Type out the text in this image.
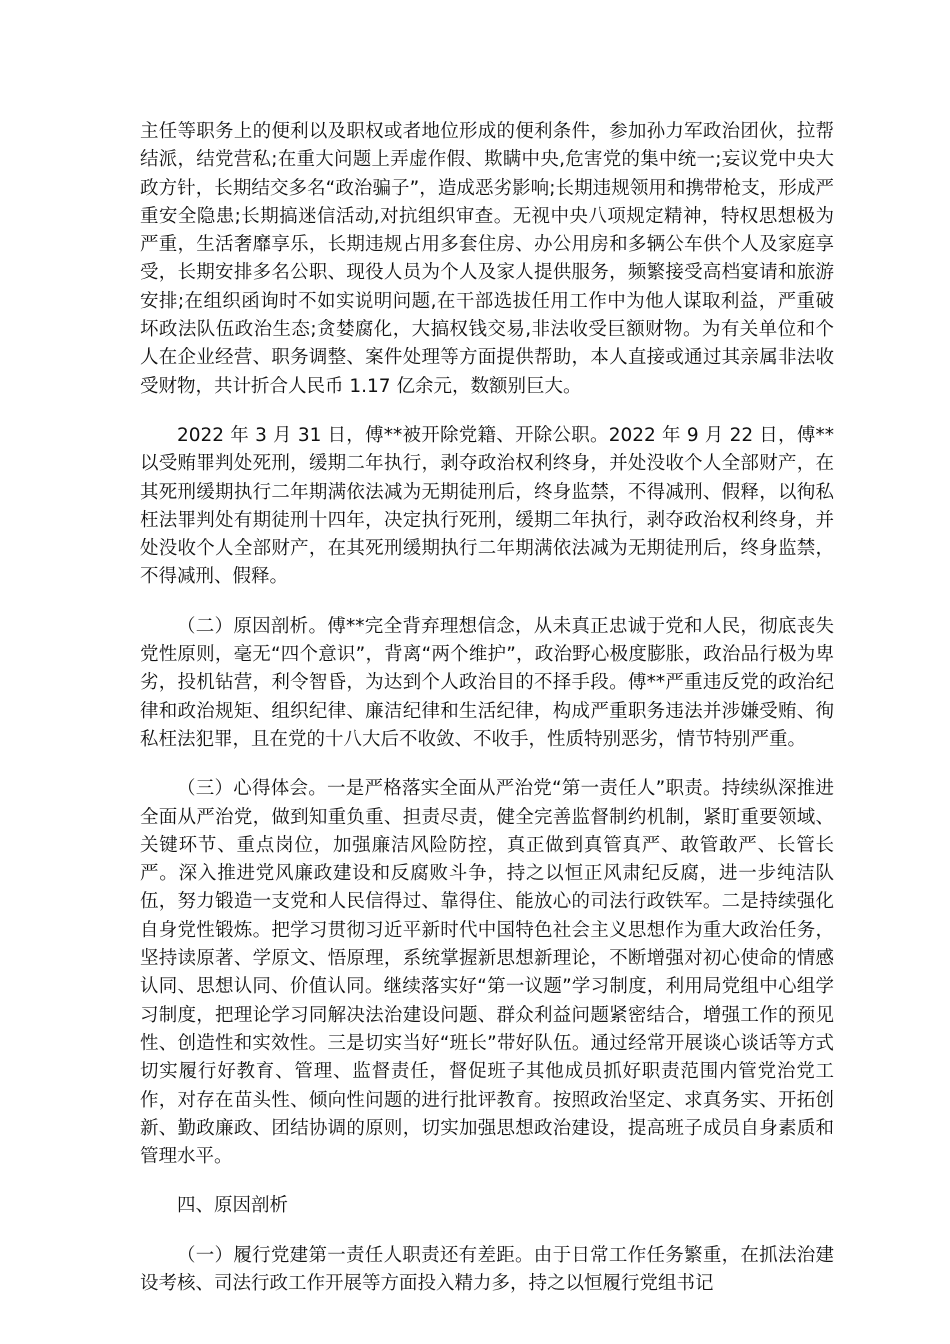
主任等职务上的便利以及职权或者地位形成的便利条件，参加孙力军政治团伙，拉帮结派，结党营私;在重大问题上弄虚作假、欺瞒中央,危害党的集中统一;妄议党中央大政方针，长期结交多名“政治骗子”，造成恶劣影响;长期违规领用和携带枪支，形成严重安全隐患;长期搞迷信活动,对抗组织审查。无视中央八项规定精神，特权思想极为严重，生活奢靡享乐，长期违规占用多套住房、办公用房和多辆公车供个人及家庭享受，长期安排多名公职、现役人员为个人及家人提供服务，频繁接受高档宴请和旅游安排;在组织函询时不如实说明问题,在干部选拔任用工作中为他人谋取利益，严重破坏政法队伍政治生态;贪婪腐化，大搞权钱交易,非法收受巨额财物。为有关单位和个人在企业经营、职务调整、案件处理等方面提供帮助，本人直接或通过其亲属非法收受财物，共计折合人民币 1.17 亿余元，数额别巨大。

2022 年 3 月 31 日，傅**被开除党籍、开除公职。2022 年 9 月 22 日，傅**以受贿罪判处死刑，缓期二年执行，剥夺政治权利终身，并处没收个人全部财产，在其死刑缓期执行二年期满依法减为无期徒刑后，终身监禁，不得减刑、假释，以徇私枉法罪判处有期徒刑十四年，决定执行死刑，缓期二年执行，剥夺政治权利终身，并处没收个人全部财产，在其死刑缓期执行二年期满依法减为无期徒刑后，终身监禁，不得减刑、假释。

（二）原因剖析。傅**完全背弃理想信念，从未真正忠诚于党和人民，彻底丧失党性原则，毫无“四个意识”，背离“两个维护”，政治野心极度膨胀，政治品行极为卑劣，投机钻营，利令智昏，为达到个人政治目的不择手段。傅**严重违反党的政治纪律和政治规矩、组织纪律、廉洁纪律和生活纪律，构成严重职务违法并涉嫌受贿、徇私枉法犯罪，且在党的十八大后不收敛、不收手，性质特别恶劣，情节特别严重。

（三）心得体会。一是严格落实全面从严治党“第一责任人”职责。持续纵深推进全面从严治党，做到知重负重、担责尽责，健全完善监督制约机制，紧盯重要领域、关键环节、重点岗位，加强廉洁风险防控，真正做到真管真严、敢管敢严、长管长严。深入推进党风廉政建设和反腐败斗争，持之以恒正风肃纪反腐，进一步纯洁队伍，努力锻造一支党和人民信得过、靠得住、能放心的司法行政铁军。二是持续强化自身党性锻炼。把学习贯彻习近平新时代中国特色社会主义思想作为重大政治任务，坚持读原著、学原文、悟原理，系统掌握新思想新理论，不断增强对初心使命的情感认同、思想认同、价值认同。继续落实好“第一议题”学习制度，利用局党组中心组学习制度，把理论学习同解决法治建设问题、群众利益问题紧密结合，增强工作的预见性、创造性和实效性。三是切实当好“班长”带好队伍。通过经常开展谈心谈话等方式切实履行好教育、管理、监督责任，督促班子其他成员抓好职责范围内管党治党工作，对存在苗头性、倾向性问题的进行批评教育。按照政治坚定、求真务实、开拓创新、勤政廉政、团结协调的原则，切实加强思想政治建设，提高班子成员自身素质和管理水平。

四、原因剖析

（一）履行党建第一责任人职责还有差距。由于日常工作任务繁重，在抓法治建设考核、司法行政工作开展等方面投入精力多，持之以恒履行党组书记
